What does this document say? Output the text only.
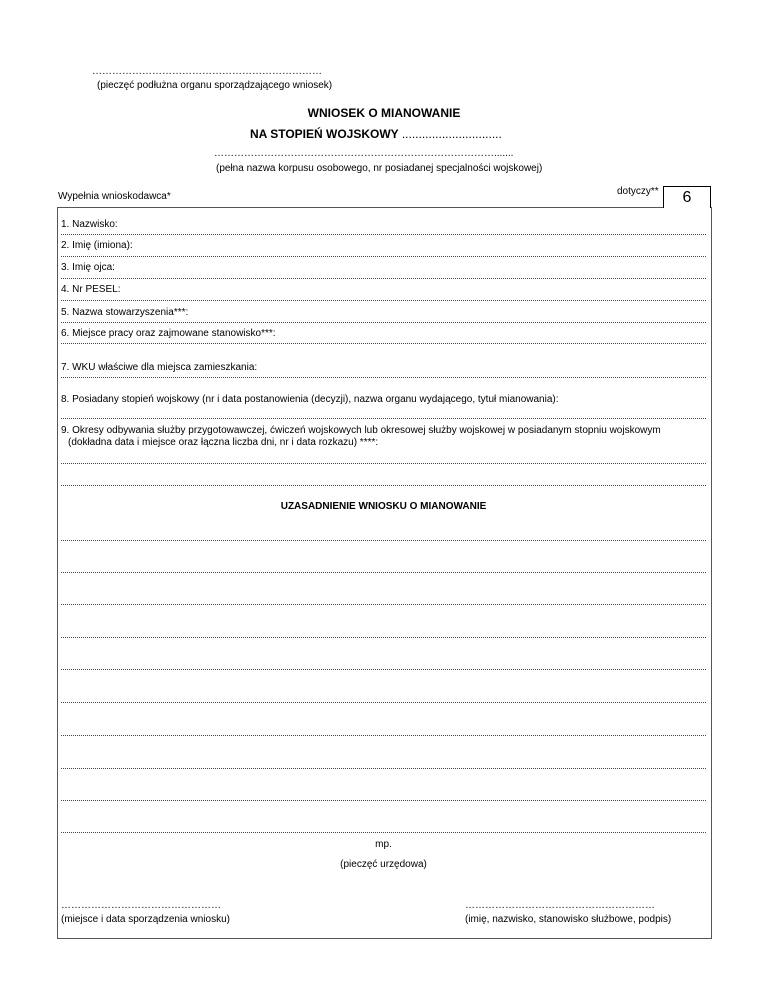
……………………………………………………………
(pieczęć podłużna organu sporządzającego wniosek)
WNIOSEK O MIANOWANIE
NA STOPIEŃ WOJSKOWY ..............................
………………………………………………………………………….......
(pełna nazwa korpusu osobowego, nr posiadanej specjalności wojskowej)
Wypełnia wnioskodawca*	dotyczy**	6
1. Nazwisko:
2. Imię (imiona):
3. Imię ojca:
4. Nr PESEL:
5. Nazwa stowarzyszenia***:
6. Miejsce pracy oraz zajmowane stanowisko***:
7. WKU właściwe dla miejsca zamieszkania:
8. Posiadany stopień wojskowy (nr i data postanowienia (decyzji), nazwa organu wydającego, tytuł mianowania):
9. Okresy odbywania służby przygotowawczej, ćwiczeń wojskowych lub okresowej służby wojskowej w posiadanym stopniu wojskowym
(dokładna data i miejsce oraz łączna liczba dni, nr i data rozkazu) ****:
UZASADNIENIE WNIOSKU O MIANOWANIE
mp.
(pieczęć urzędowa)
…………………………………………
(miejsce i data sporządzenia wniosku)
…………………………………………………
(imię, nazwisko, stanowisko służbowe, podpis)
